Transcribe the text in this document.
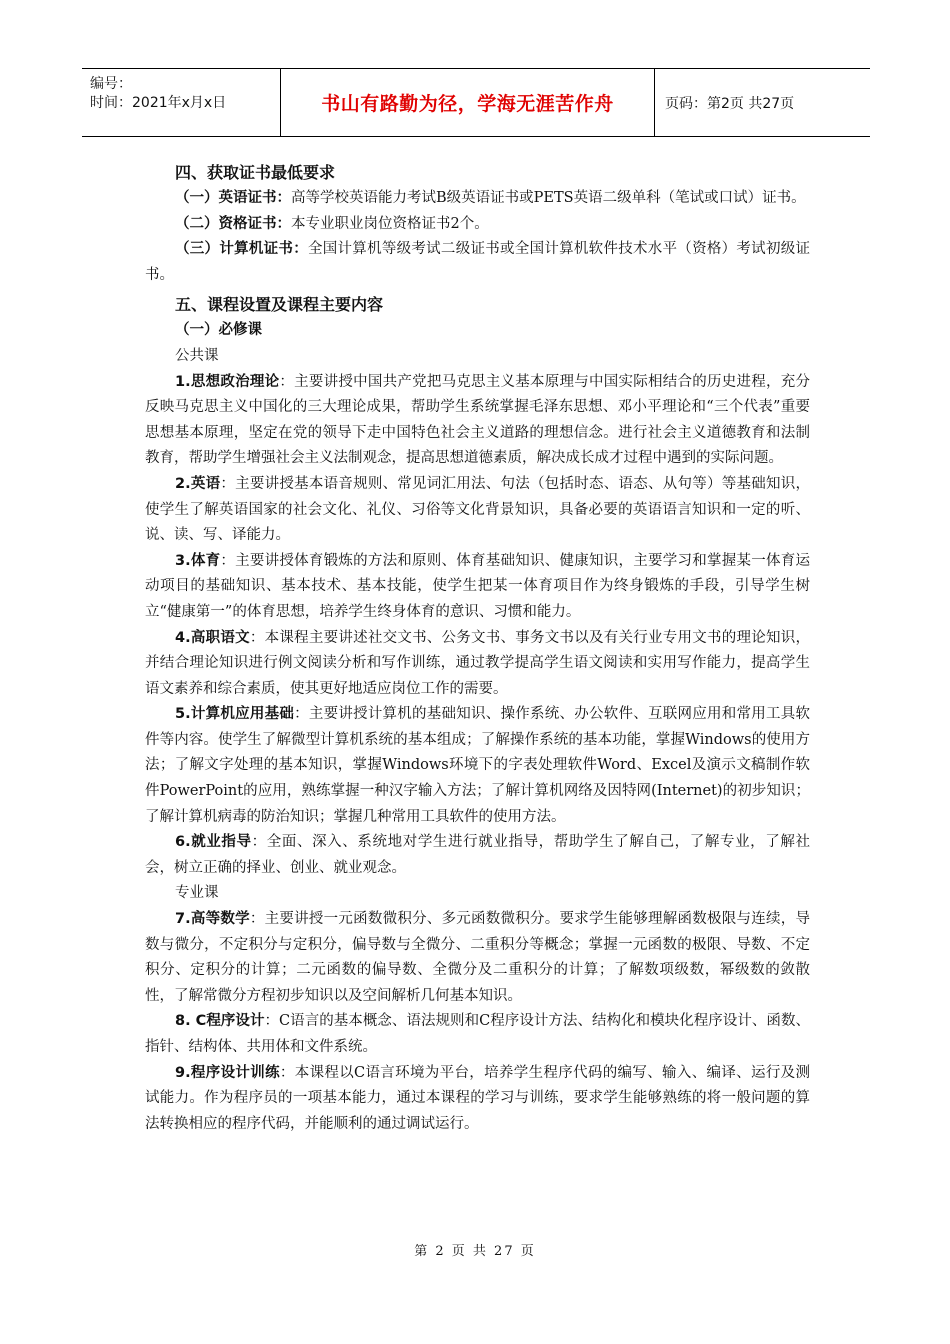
编号：
时间：2021年x月x日	书山有路勤为径，学海无涯苦作舟	页码：第2页 共27页

四、获取证书最低要求

（一）英语证书：高等学校英语能力考试B级英语证书或PETS英语二级单科（笔试或口试）证书。

（二）资格证书：本专业职业岗位资格证书2个。

（三）计算机证书：全国计算机等级考试二级证书或全国计算机软件技术水平（资格）考试初级证书。

五、课程设置及课程主要内容

（一）必修课

公共课

1.思想政治理论：主要讲授中国共产党把马克思主义基本原理与中国实际相结合的历史进程，充分反映马克思主义中国化的三大理论成果，帮助学生系统掌握毛泽东思想、邓小平理论和“三个代表”重要思想基本原理，坚定在党的领导下走中国特色社会主义道路的理想信念。进行社会主义道德教育和法制教育，帮助学生增强社会主义法制观念，提高思想道德素质，解决成长成才过程中遇到的实际问题。

2.英语：主要讲授基本语音规则、常见词汇用法、句法（包括时态、语态、从句等）等基础知识，使学生了解英语国家的社会文化、礼仪、习俗等文化背景知识，具备必要的英语语言知识和一定的听、说、读、写、译能力。

3.体育：主要讲授体育锻炼的方法和原则、体育基础知识、健康知识，主要学习和掌握某一体育运动项目的基础知识、基本技术、基本技能，使学生把某一体育项目作为终身锻炼的手段，引导学生树立“健康第一”的体育思想，培养学生终身体育的意识、习惯和能力。

4.高职语文：本课程主要讲述社交文书、公务文书、事务文书以及有关行业专用文书的理论知识，并结合理论知识进行例文阅读分析和写作训练，通过教学提高学生语文阅读和实用写作能力，提高学生语文素养和综合素质，使其更好地适应岗位工作的需要。

5.计算机应用基础：主要讲授计算机的基础知识、操作系统、办公软件、互联网应用和常用工具软件等内容。使学生了解微型计算机系统的基本组成；了解操作系统的基本功能，掌握Windows的使用方法；了解文字处理的基本知识，掌握Windows环境下的字表处理软件Word、Excel及演示文稿制作软件PowerPoint的应用，熟练掌握一种汉字输入方法；了解计算机网络及因特网(Internet)的初步知识；了解计算机病毒的防治知识；掌握几种常用工具软件的使用方法。

6.就业指导：全面、深入、系统地对学生进行就业指导，帮助学生了解自己，了解专业，了解社会，树立正确的择业、创业、就业观念。

专业课

7.高等数学：主要讲授一元函数微积分、多元函数微积分。要求学生能够理解函数极限与连续，导数与微分，不定积分与定积分，偏导数与全微分、二重积分等概念；掌握一元函数的极限、导数、不定积分、定积分的计算；二元函数的偏导数、全微分及二重积分的计算；了解数项级数，幂级数的敛散性，了解常微分方程初步知识以及空间解析几何基本知识。

8. C程序设计：C语言的基本概念、语法规则和C程序设计方法、结构化和模块化程序设计、函数、指针、结构体、共用体和文件系统。

9.程序设计训练：本课程以C语言环境为平台，培养学生程序代码的编写、输入、编译、运行及测试能力。作为程序员的一项基本能力，通过本课程的学习与训练，要求学生能够熟练的将一般问题的算法转换相应的程序代码，并能顺利的通过调试运行。

第 2 页 共 27 页
